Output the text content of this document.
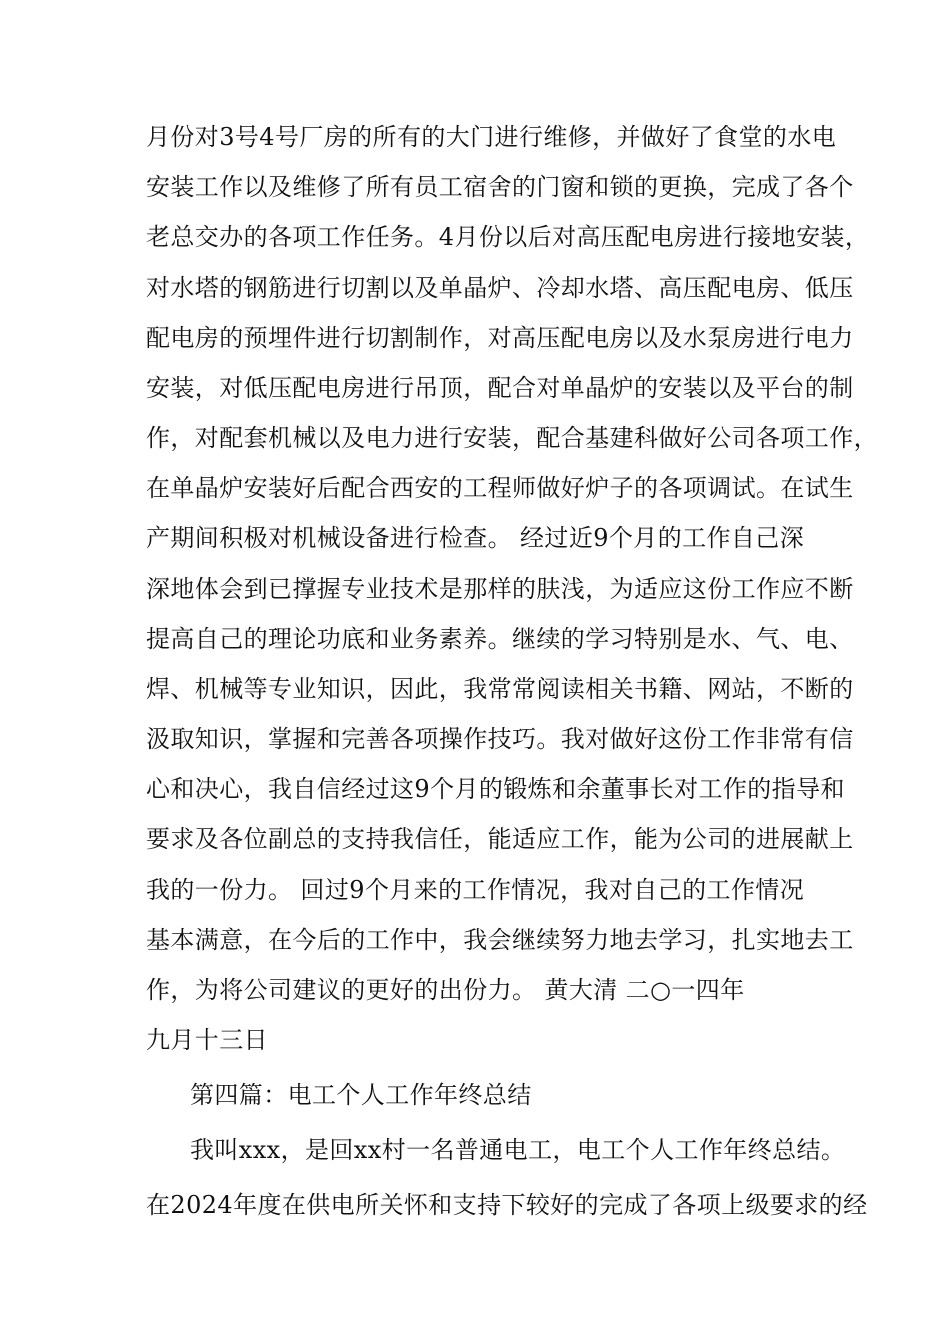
月份对3号4号厂房的所有的大门进行维修，并做好了食堂的水电
安装工作以及维修了所有员工宿舍的门窗和锁的更换，完成了各个
老总交办的各项工作任务。4月份以后对高压配电房进行接地安装，
对水塔的钢筋进行切割以及单晶炉、冷却水塔、高压配电房、低压
配电房的预埋件进行切割制作，对高压配电房以及水泵房进行电力
安装，对低压配电房进行吊顶，配合对单晶炉的安装以及平台的制
作，对配套机械以及电力进行安装，配合基建科做好公司各项工作，
在单晶炉安装好后配合西安的工程师做好炉子的各项调试。在试生
产期间积极对机械设备进行检查。 经过近9个月的工作自己深
深地体会到已撑握专业技术是那样的肤浅，为适应这份工作应不断
提高自己的理论功底和业务素养。继续的学习特别是水、气、电、
焊、机械等专业知识，因此，我常常阅读相关书籍、网站，不断的
汲取知识，掌握和完善各项操作技巧。我对做好这份工作非常有信
心和决心，我自信经过这9个月的锻炼和余董事长对工作的指导和
要求及各位副总的支持我信任，能适应工作，能为公司的进展献上
我的一份力。 回过9个月来的工作情况，我对自己的工作情况
基本满意，在今后的工作中，我会继续努力地去学习，扎实地去工
作，为将公司建议的更好的出份力。 黄大清 二○一四年
九月十三日
第四篇：电工个人工作年终总结
我叫xxx，是回xx村一名普通电工，电工个人工作年终总结。
在2024年度在供电所关怀和支持下较好的完成了各项上级要求的经
